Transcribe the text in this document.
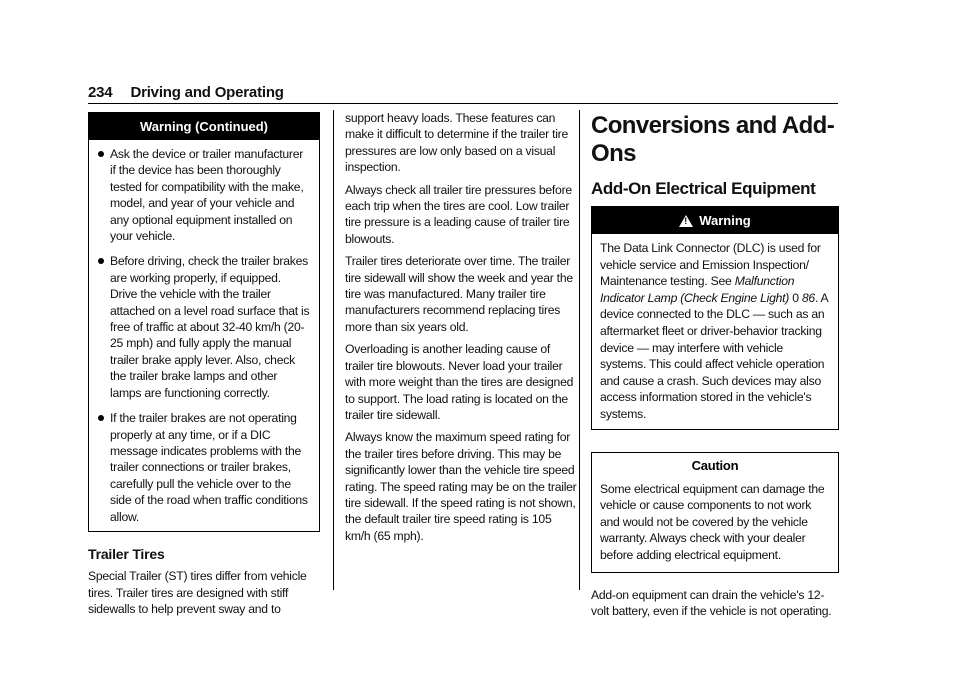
234 Driving and Operating
Warning (Continued)
Ask the device or trailer manufacturer if the device has been thoroughly tested for compatibility with the make, model, and year of your vehicle and any optional equipment installed on your vehicle.
Before driving, check the trailer brakes are working properly, if equipped. Drive the vehicle with the trailer attached on a level road surface that is free of traffic at about 32-40 km/h (20-25 mph) and fully apply the manual trailer brake apply lever. Also, check the trailer brake lamps and other lamps are functioning correctly.
If the trailer brakes are not operating properly at any time, or if a DIC message indicates problems with the trailer connections or trailer brakes, carefully pull the vehicle over to the side of the road when traffic conditions allow.
Trailer Tires

Special Trailer (ST) tires differ from vehicle tires. Trailer tires are designed with stiff sidewalls to help prevent sway and to

support heavy loads. These features can make it difficult to determine if the trailer tire pressures are low only based on a visual inspection.

Always check all trailer tire pressures before each trip when the tires are cool. Low trailer tire pressure is a leading cause of trailer tire blowouts.

Trailer tires deteriorate over time. The trailer tire sidewall will show the week and year the tire was manufactured. Many trailer tire manufacturers recommend replacing tires more than six years old.

Overloading is another leading cause of trailer tire blowouts. Never load your trailer with more weight than the tires are designed to support. The load rating is located on the trailer tire sidewall.

Always know the maximum speed rating for the trailer tires before driving. This may be significantly lower than the vehicle tire speed rating. The speed rating may be on the trailer tire sidewall. If the speed rating is not shown, the default trailer tire speed rating is 105 km/h (65 mph).

Conversions and Add-Ons
Add-On Electrical Equipment
!
Warning
The Data Link Connector (DLC) is used for vehicle service and Emission Inspection/ Maintenance testing. See Malfunction Indicator Lamp (Check Engine Light) 0 86. A device connected to the DLC — such as an aftermarket fleet or driver-behavior tracking device — may interfere with vehicle systems. This could affect vehicle operation and cause a crash. Such devices may also access information stored in the vehicle's systems.
Caution
Some electrical equipment can damage the vehicle or cause components to not work and would not be covered by the vehicle warranty. Always check with your dealer before adding electrical equipment.

Add-on equipment can drain the vehicle's 12-volt battery, even if the vehicle is not operating.
